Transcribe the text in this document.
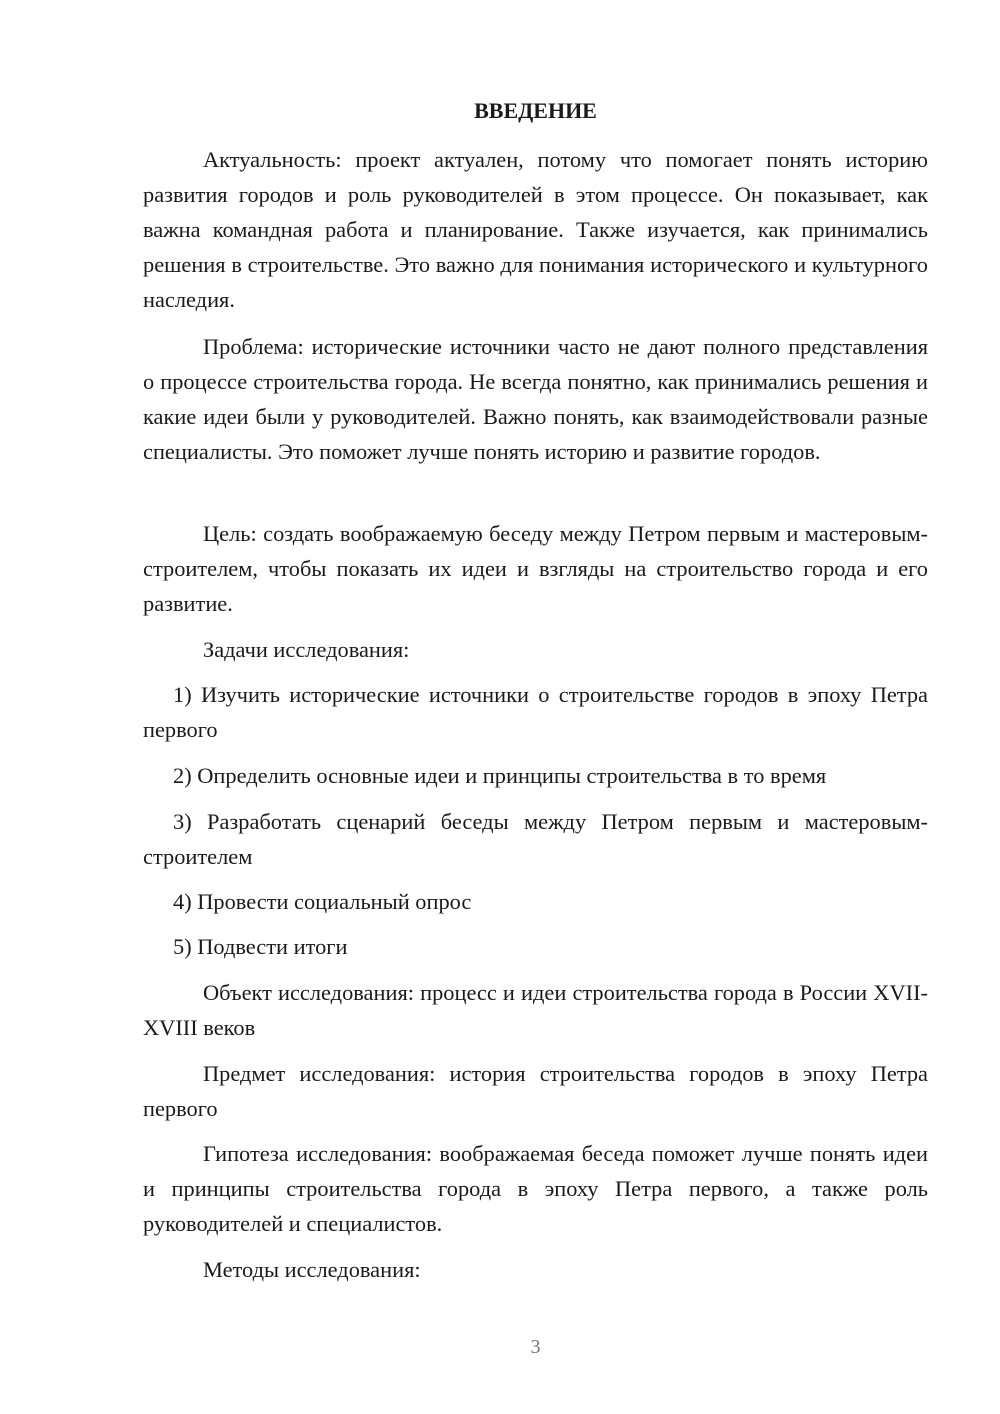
ВВЕДЕНИЕ

Актуальность: проект актуален, потому что помогает понять историю развития городов и роль руководителей в этом процессе. Он показывает, как важна командная работа и планирование. Также изучается, как принимались решения в строительстве. Это важно для понимания исторического и культурного наследия.

Проблема: исторические источники часто не дают полного представления о процессе строительства города. Не всегда понятно, как принимались решения и какие идеи были у руководителей. Важно понять, как взаимодействовали разные специалисты. Это поможет лучше понять историю и развитие городов.

Цель: создать воображаемую беседу между Петром первым и мастеровым-строителем, чтобы показать их идеи и взгляды на строительство города и его развитие.

Задачи исследования:

1) Изучить исторические источники о строительстве городов в эпоху Петра первого

2) Определить основные идеи и принципы строительства в то время

3) Разработать сценарий беседы между Петром первым и мастеровым-строителем

4) Провести социальный опрос

5) Подвести итоги

Объект исследования: процесс и идеи строительства города в России XVII-XVIII веков

Предмет исследования: история строительства городов в эпоху Петра первого

Гипотеза исследования: воображаемая беседа поможет лучше понять идеи и принципы строительства города в эпоху Петра первого, а также роль руководителей и специалистов.

Методы исследования:

3
